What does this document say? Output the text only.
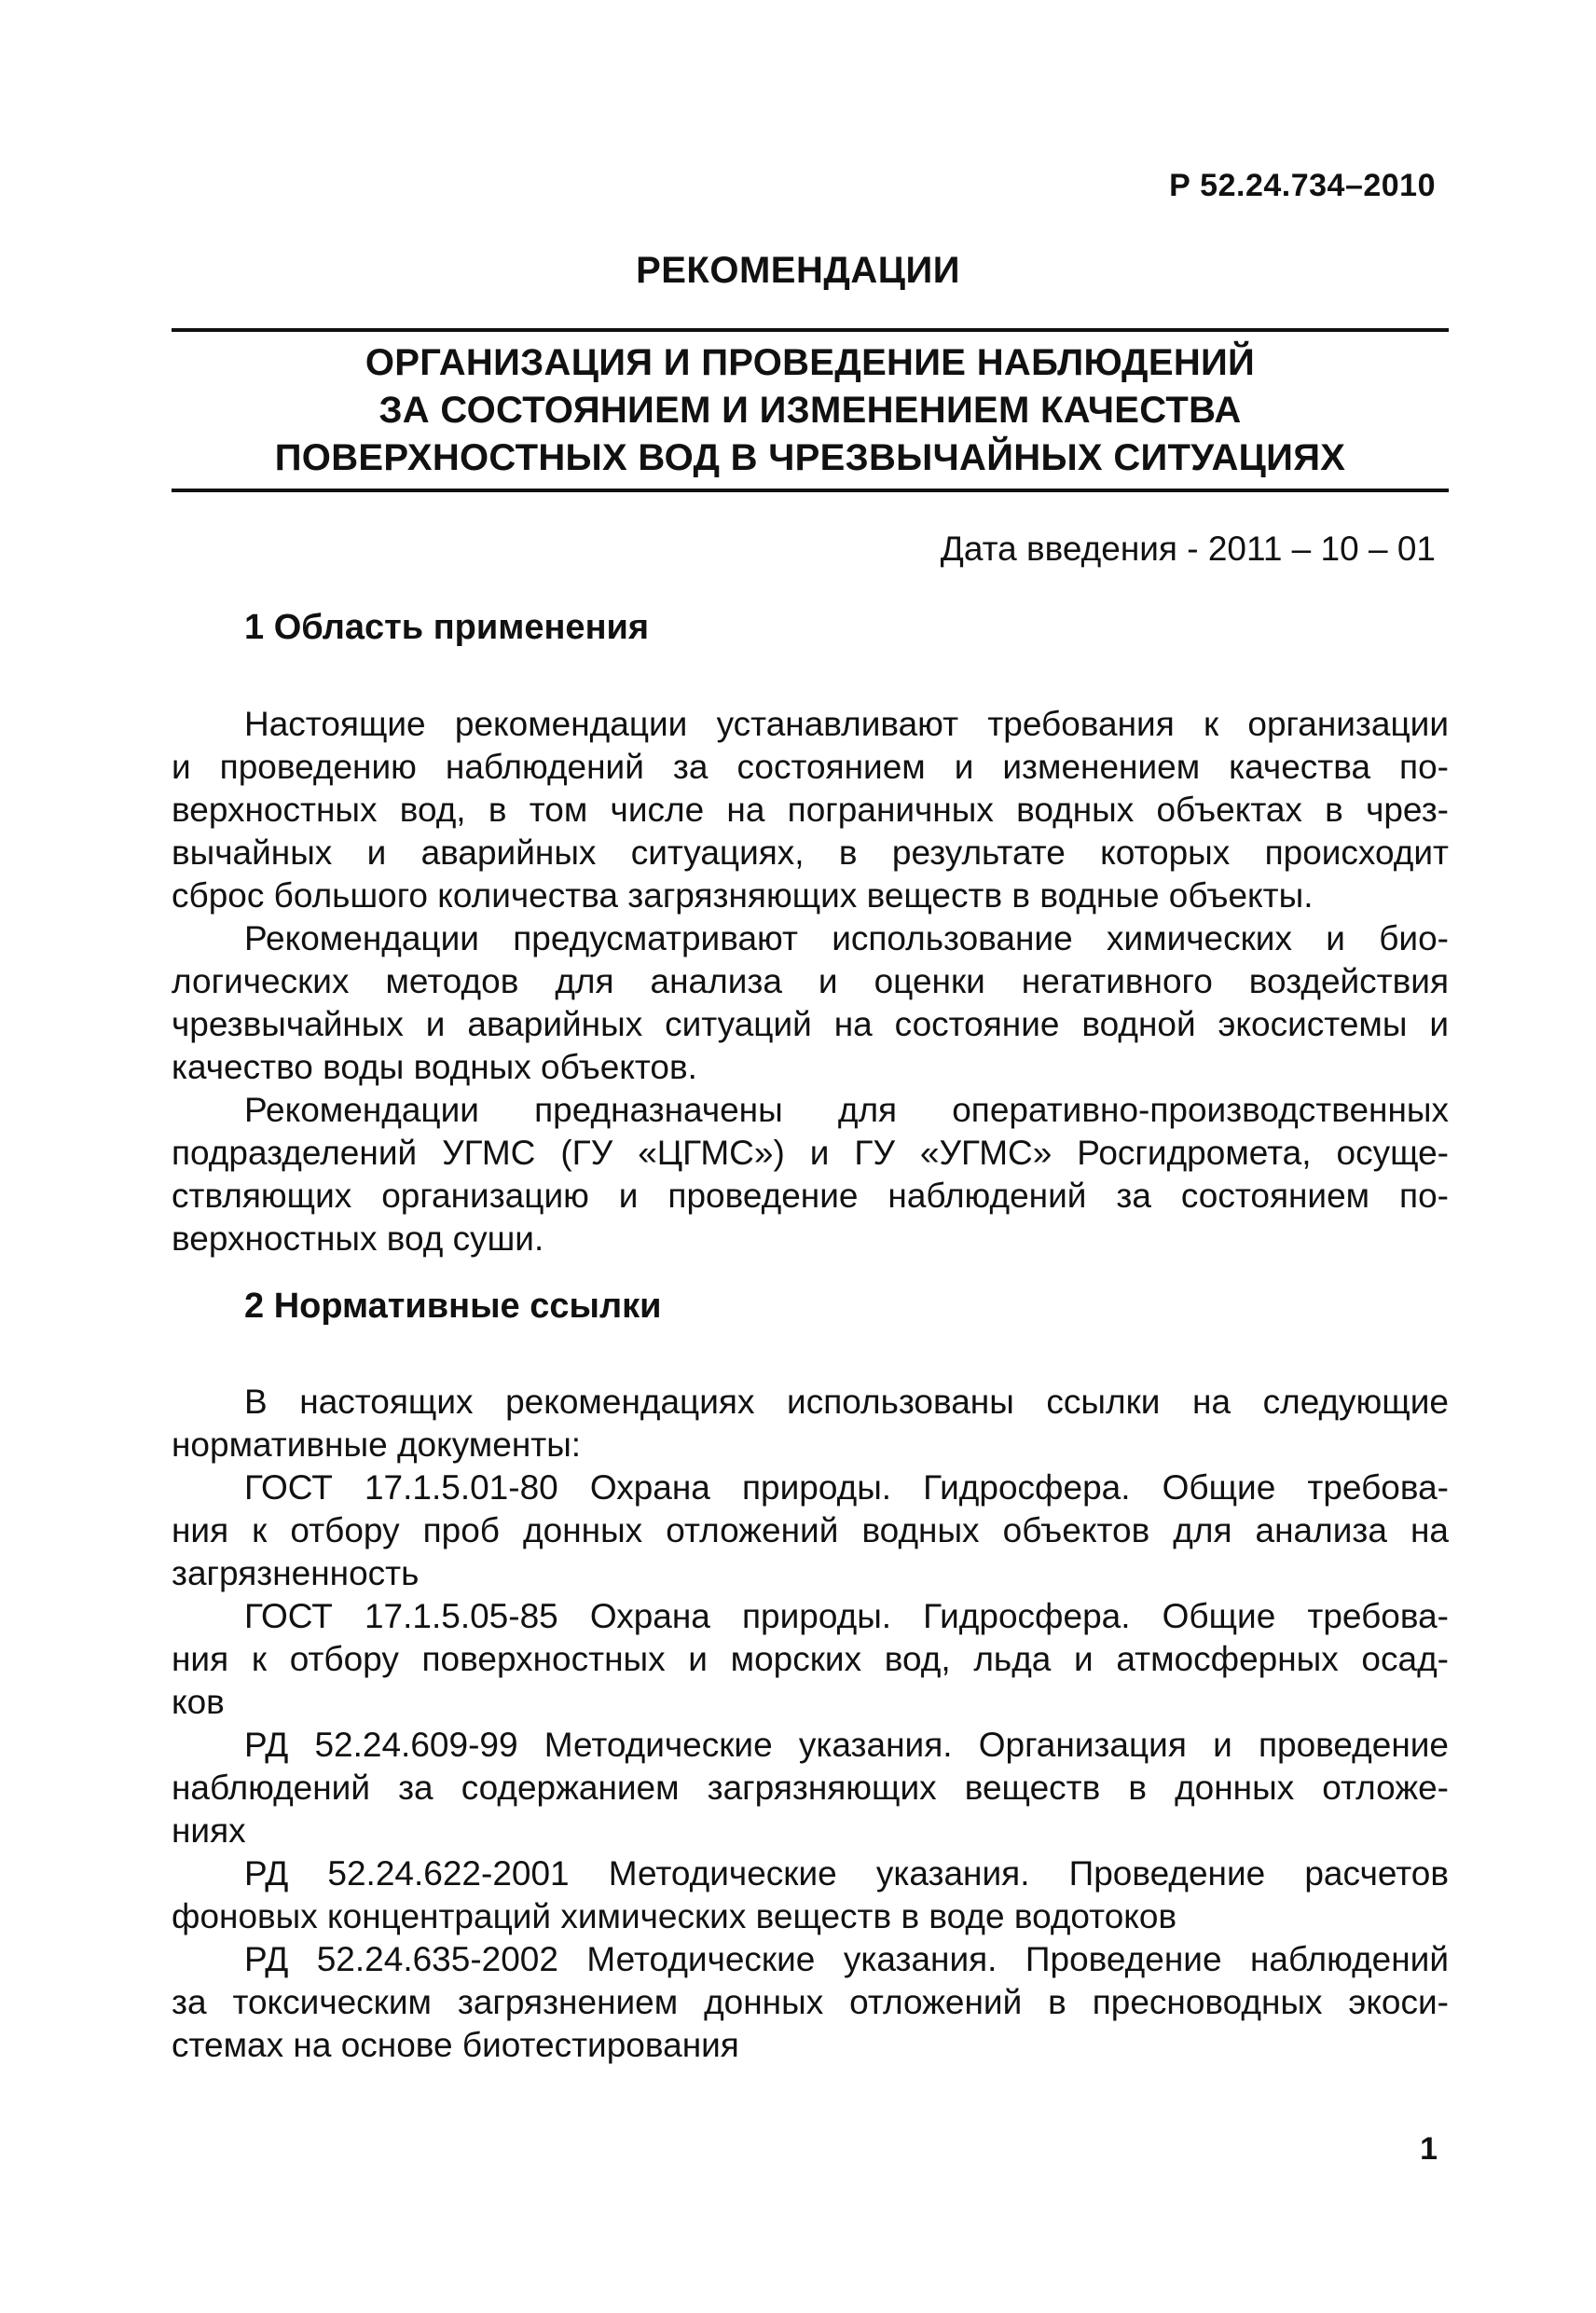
Р 52.24.734–2010
РЕКОМЕНДАЦИИ
ОРГАНИЗАЦИЯ И ПРОВЕДЕНИЕ НАБЛЮДЕНИЙ
ЗА СОСТОЯНИЕМ И ИЗМЕНЕНИЕМ КАЧЕСТВА
ПОВЕРХНОСТНЫХ ВОД В ЧРЕЗВЫЧАЙНЫХ СИТУАЦИЯХ
Дата введения - 2011 – 10 – 01
1 Область применения
Настоящие рекомендации устанавливают требования к организации
и проведению наблюдений за состоянием и изменением качества по-
верхностных вод, в том числе на пограничных водных объектах в чрез-
вычайных и аварийных ситуациях, в результате которых происходит
сброс большого количества загрязняющих веществ в водные объекты.
Рекомендации предусматривают использование химических и био-
логических методов для анализа и оценки негативного воздействия
чрезвычайных и аварийных ситуаций на состояние водной экосистемы и
качество воды водных объектов.
Рекомендации предназначены для оперативно-производственных
подразделений УГМС (ГУ «ЦГМС») и ГУ «УГМС» Росгидромета, осуще-
ствляющих организацию и проведение наблюдений за состоянием по-
верхностных вод суши.
2 Нормативные ссылки
В настоящих рекомендациях использованы ссылки на следующие
нормативные документы:
ГОСТ 17.1.5.01-80 Охрана природы. Гидросфера. Общие требова-
ния к отбору проб донных отложений водных объектов для анализа на
загрязненность
ГОСТ 17.1.5.05-85 Охрана природы. Гидросфера. Общие требова-
ния к отбору поверхностных и морских вод, льда и атмосферных осад-
ков
РД 52.24.609-99 Методические указания. Организация и проведение
наблюдений за содержанием загрязняющих веществ в донных отложе-
ниях
РД 52.24.622-2001 Методические указания. Проведение расчетов
фоновых концентраций химических веществ в воде водотоков
РД 52.24.635-2002 Методические указания. Проведение наблюдений
за токсическим загрязнением донных отложений в пресноводных экоси-
стемах на основе биотестирования
1
